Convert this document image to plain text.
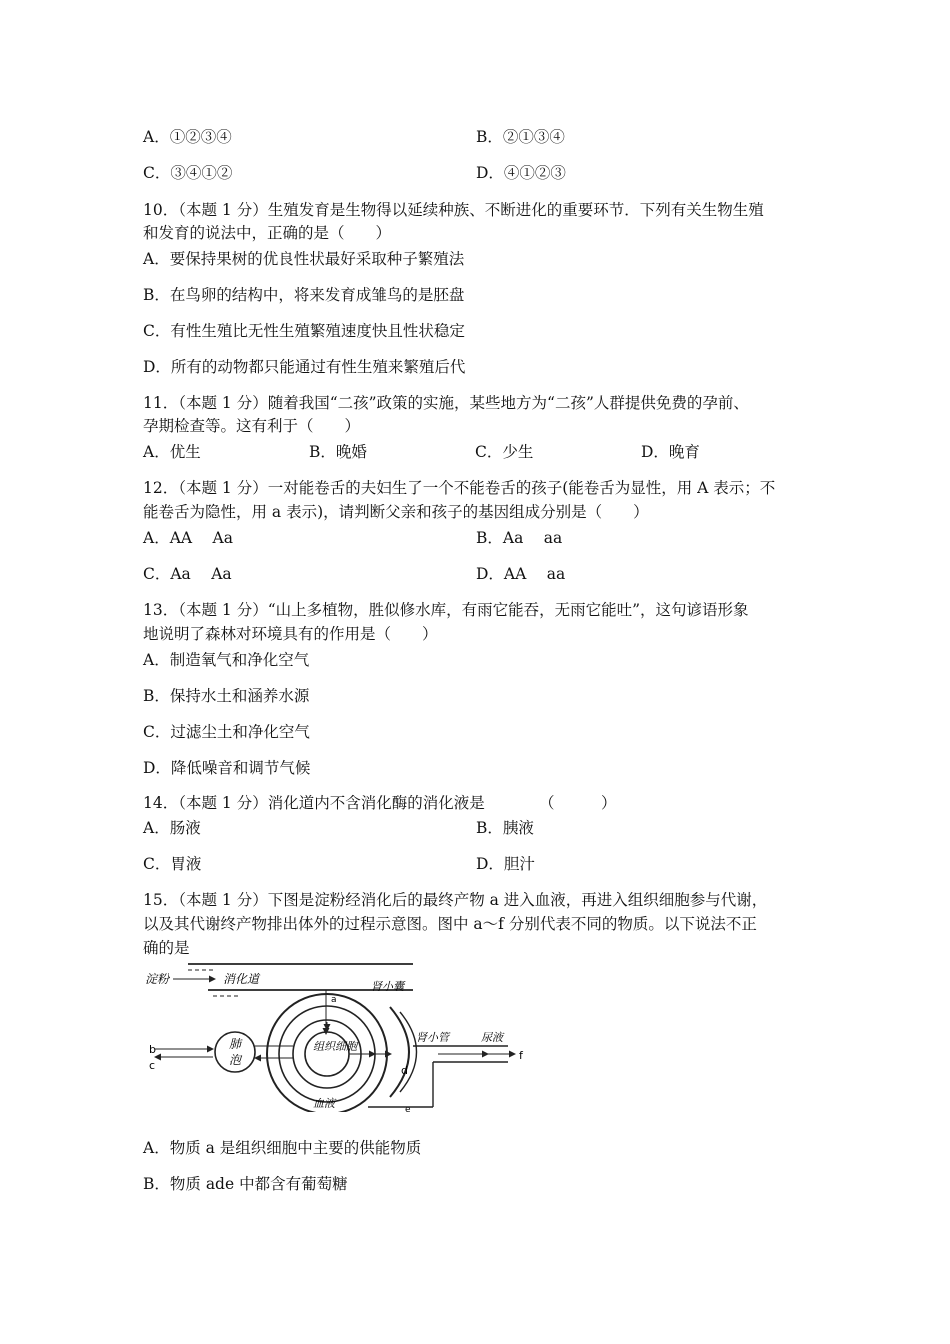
A．①②③④	B．②①③④
C．③④①②	D．④①②③
10．（本题 1 分）生殖发育是生物得以延续种族、不断进化的重要环节．下列有关生物生殖
和发育的说法中，正确的是（　　）
A．要保持果树的优良性状最好采取种子繁殖法
B．在鸟卵的结构中，将来发育成雏鸟的是胚盘
C．有性生殖比无性生殖繁殖速度快且性状稳定
D．所有的动物都只能通过有性生殖来繁殖后代
11．（本题 1 分）随着我国“二孩”政策的实施，某些地方为“二孩”人群提供免费的孕前、
孕期检查等。这有利于（　　）
A．优生	B．晚婚	C．少生	D．晚育
12．（本题 1 分）一对能卷舌的夫妇生了一个不能卷舌的孩子(能卷舌为显性，用 A 表示；不
能卷舌为隐性，用 a 表示)，请判断父亲和孩子的基因组成分别是（　　）
A．AA　 Aa	B．Aa　 aa
C．Aa　 Aa	D．AA　 aa
13．（本题 1 分）“山上多植物，胜似修水库，有雨它能吞，无雨它能吐”，这句谚语形象
地说明了森林对环境具有的作用是（　　）
A．制造氧气和净化空气
B．保持水土和涵养水源
C．过滤尘土和净化空气
D．降低噪音和调节气候
14．（本题 1 分）消化道内不含消化酶的消化液是　　　　（　　　）
A．肠液	B．胰液
C．胃液	D．胆汁
15．（本题 1 分）下图是淀粉经消化后的最终产物 a 进入血液，再进入组织细胞参与代谢，
以及其代谢终产物排出体外的过程示意图。图中 a～f 分别代表不同的物质。以下说法不正
确的是
淀粉	消化道
a
肺
泡
b
c
组织细胞
血液
肾小囊
e
f
肾小管	尿液
d
A．物质 a 是组织细胞中主要的供能物质
B．物质 ade 中都含有葡萄糖
